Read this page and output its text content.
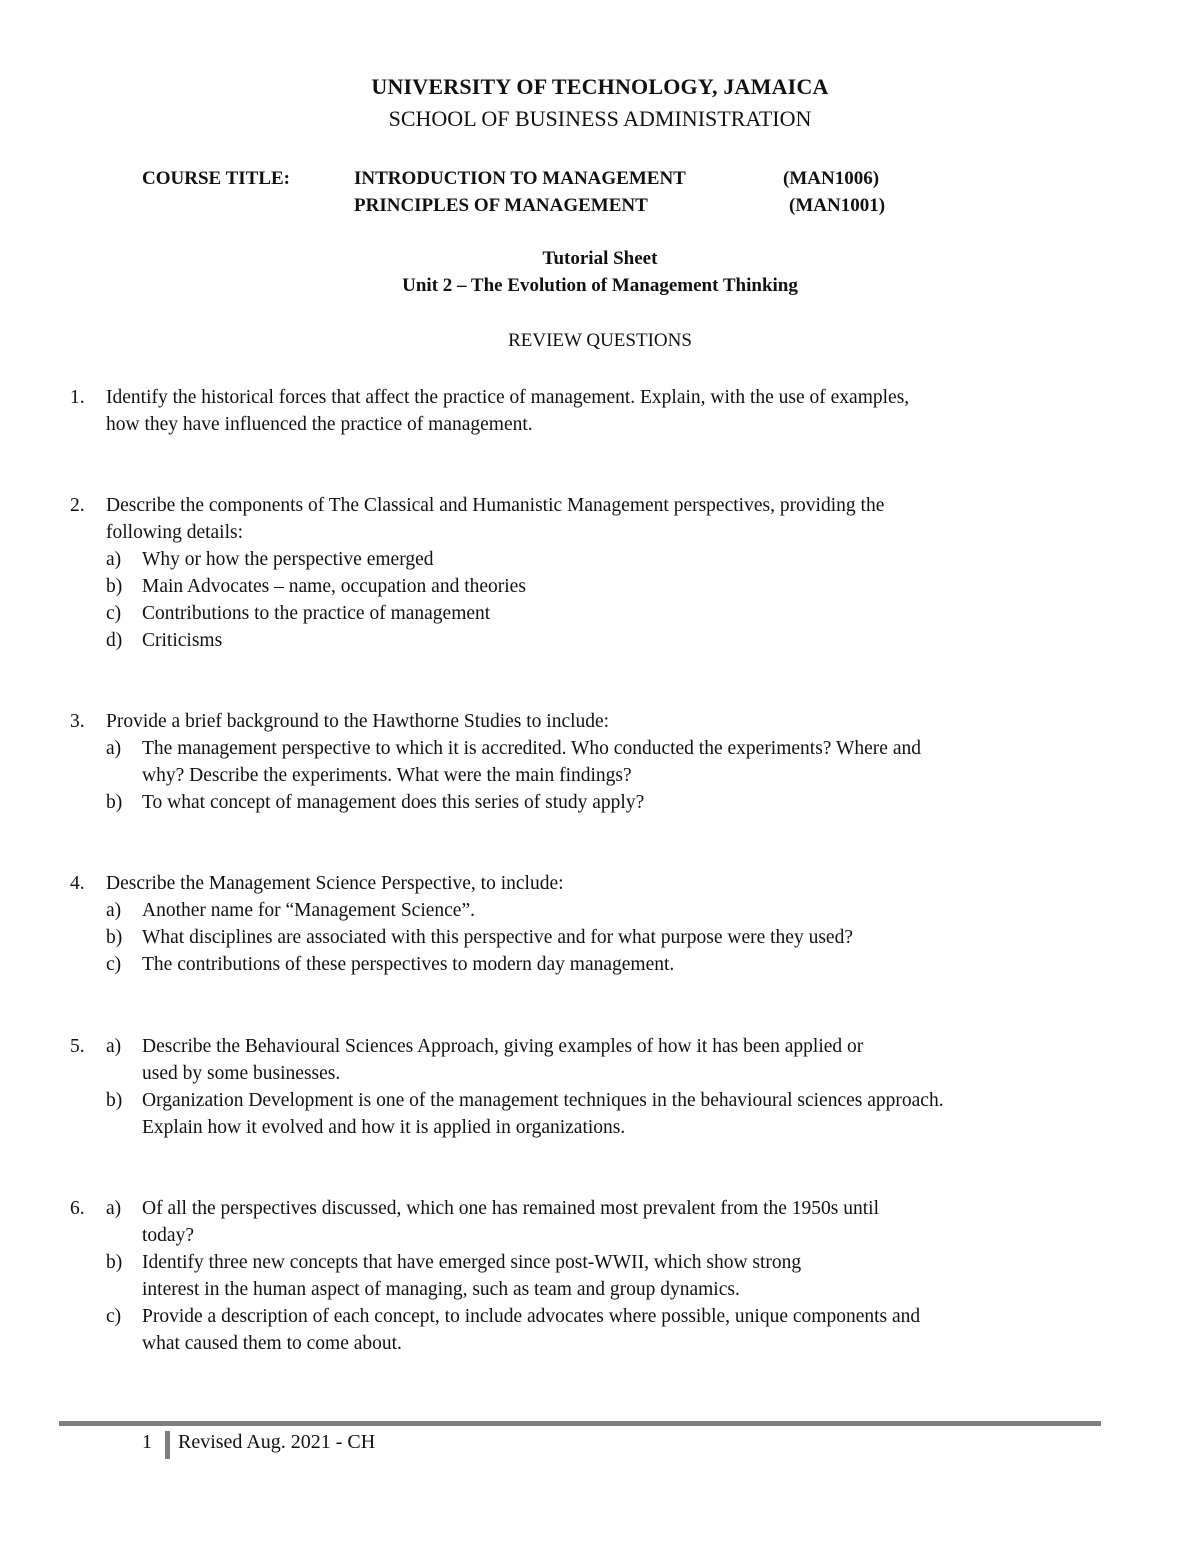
UNIVERSITY OF TECHNOLOGY, JAMAICA
SCHOOL OF BUSINESS ADMINISTRATION
COURSE TITLE:	INTRODUCTION TO MANAGEMENT	(MAN1006)
PRINCIPLES OF MANAGEMENT	(MAN1001)
Tutorial Sheet
Unit 2 – The Evolution of Management Thinking
REVIEW QUESTIONS
1. Identify the historical forces that affect the practice of management. Explain, with the use of examples,
how they have influenced the practice of management.
2. Describe the components of The Classical and Humanistic Management perspectives, providing the
following details:
a) Why or how the perspective emerged
b) Main Advocates – name, occupation and theories
c) Contributions to the practice of management
d) Criticisms
3. Provide a brief background to the Hawthorne Studies to include:
a) The management perspective to which it is accredited. Who conducted the experiments? Where and
why? Describe the experiments. What were the main findings?
b) To what concept of management does this series of study apply?
4. Describe the Management Science Perspective, to include:
a) Another name for “Management Science”.
b) What disciplines are associated with this perspective and for what purpose were they used?
c) The contributions of these perspectives to modern day management.
5. a) Describe the Behavioural Sciences Approach, giving examples of how it has been applied or
used by some businesses.
b) Organization Development is one of the management techniques in the behavioural sciences approach.
Explain how it evolved and how it is applied in organizations.
6. a) Of all the perspectives discussed, which one has remained most prevalent from the 1950s until
today?
b) Identify three new concepts that have emerged since post-WWII, which show strong
interest in the human aspect of managing, such as team and group dynamics.
c) Provide a description of each concept, to include advocates where possible, unique components and
what caused them to come about.
1 Revised Aug. 2021 - CH
